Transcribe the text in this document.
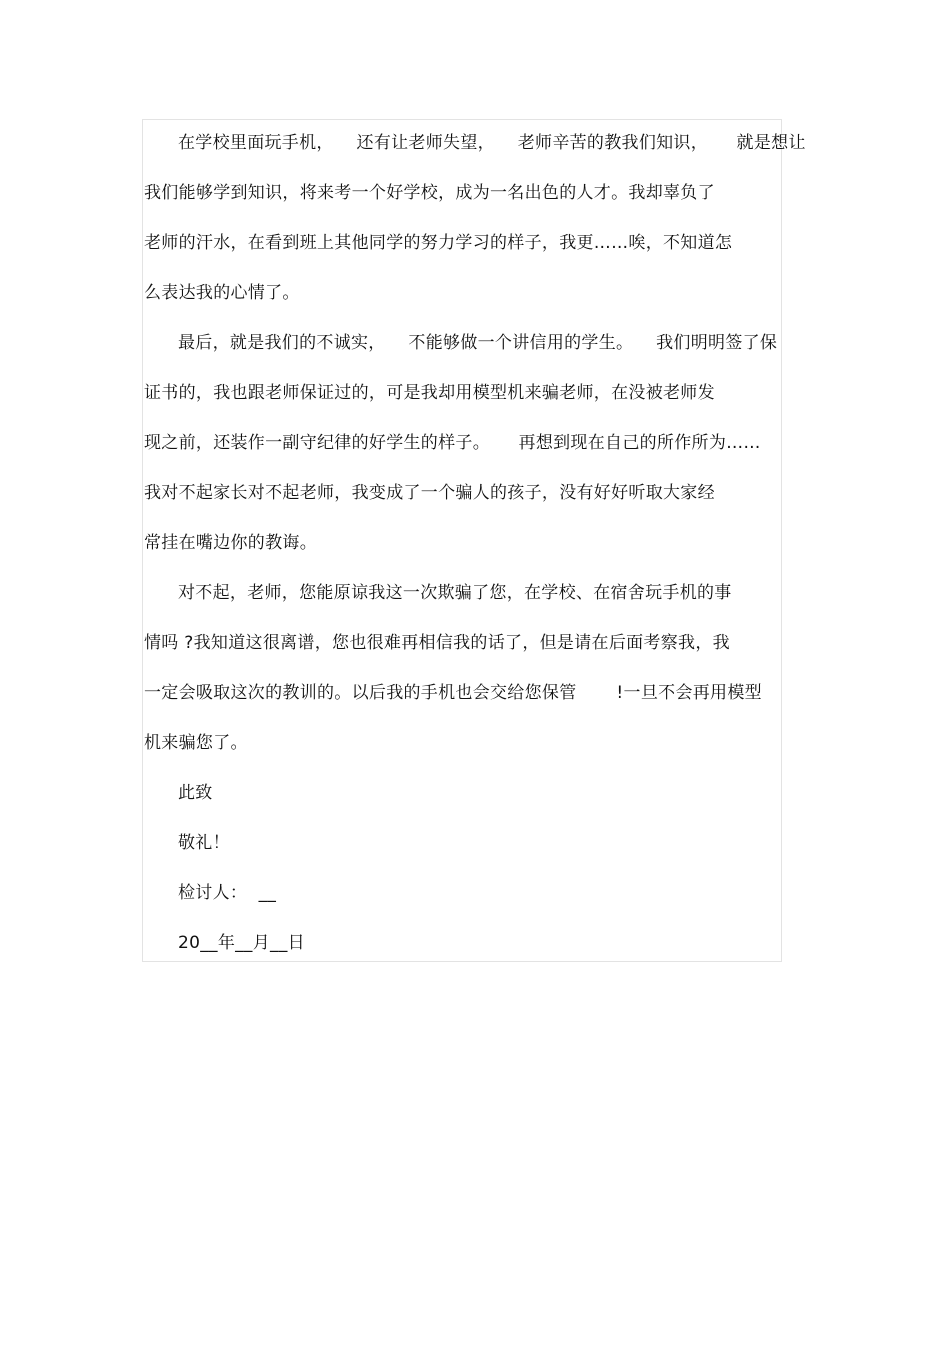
在学校里面玩手机，    还有让老师失望，    老师辛苦的教我们知识，     就是想让
我们能够学到知识，将来考一个好学校，成为一名出色的人才。我却辜负了
老师的汗水，在看到班上其他同学的努力学习的样子，我更……唉，不知道怎
么表达我的心情了。
最后，就是我们的不诚实，    不能够做一个讲信用的学生。    我们明明签了保
证书的，我也跟老师保证过的，可是我却用模型机来骗老师，在没被老师发
现之前，还装作一副守纪律的好学生的样子。     再想到现在自己的所作所为……
我对不起家长对不起老师，我变成了一个骗人的孩子，没有好好听取大家经
常挂在嘴边你的教诲。
对不起，老师，您能原谅我这一次欺骗了您，在学校、在宿舍玩手机的事
情吗 ?我知道这很离谱，您也很难再相信我的话了，但是请在后面考察我，我
一定会吸取这次的教训的。以后我的手机也会交给您保管       !一旦不会再用模型
机来骗您了。
此致
敬礼！
检讨人：  __
20__年__月__日
